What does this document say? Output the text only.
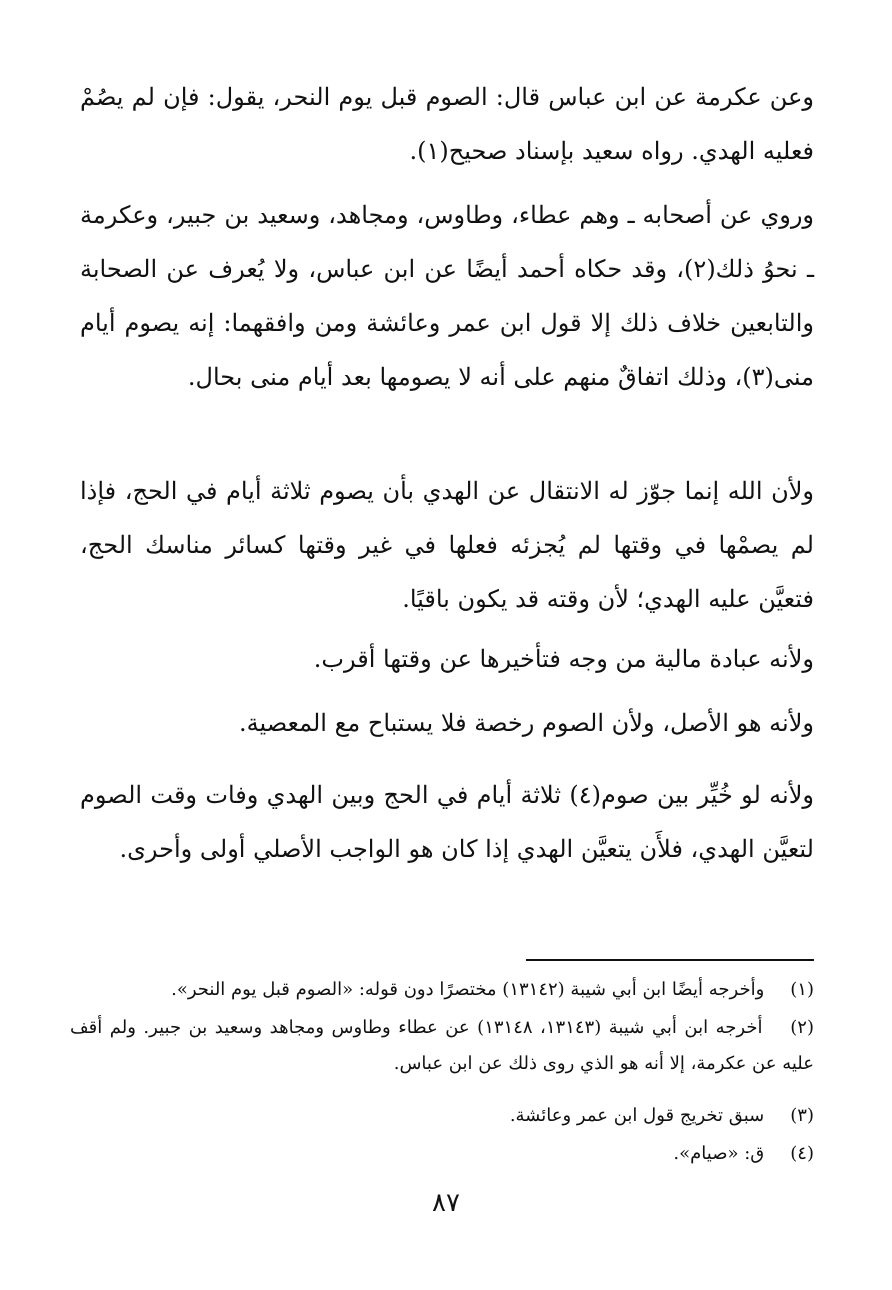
وعن عكرمة عن ابن عباس قال: الصوم قبل يوم النحر، يقول: فإن لم يصُمْ فعليه الهدي. رواه سعيد بإسناد صحيح(١).

وروي عن أصحابه ـ وهم عطاء، وطاوس، ومجاهد، وسعيد بن جبير، وعكرمة ـ نحوُ ذلك(٢)، وقد حكاه أحمد أيضًا عن ابن عباس، ولا يُعرف عن الصحابة والتابعين خلاف ذلك إلا قول ابن عمر وعائشة ومن وافقهما: إنه يصوم أيام منى(٣)، وذلك اتفاقٌ منهم على أنه لا يصومها بعد أيام منى بحال.

ولأن الله إنما جوّز له الانتقال عن الهدي بأن يصوم ثلاثة أيام في الحج، فإذا لم يصمْها في وقتها لم يُجزئه فعلها في غير وقتها كسائر مناسك الحج، فتعيَّن عليه الهدي؛ لأن وقته قد يكون باقيًا.

ولأنه عبادة مالية من وجه فتأخيرها عن وقتها أقرب.

ولأنه هو الأصل، ولأن الصوم رخصة فلا يستباح مع المعصية.

ولأنه لو خُيِّر بين صوم(٤) ثلاثة أيام في الحج وبين الهدي وفات وقت الصوم لتعيَّن الهدي، فلأَن يتعيَّن الهدي إذا كان هو الواجب الأصلي أولى وأحرى.

(١) وأخرجه أيضًا ابن أبي شيبة (١٣١٤٢) مختصرًا دون قوله: «الصوم قبل يوم النحر».
(٢) أخرجه ابن أبي شيبة (١٣١٤٣، ١٣١٤٨) عن عطاء وطاوس ومجاهد وسعيد بن جبير. ولم أقف عليه عن عكرمة، إلا أنه هو الذي روى ذلك عن ابن عباس.
(٣) سبق تخريج قول ابن عمر وعائشة.
(٤) ق: «صيام».
٨٧
